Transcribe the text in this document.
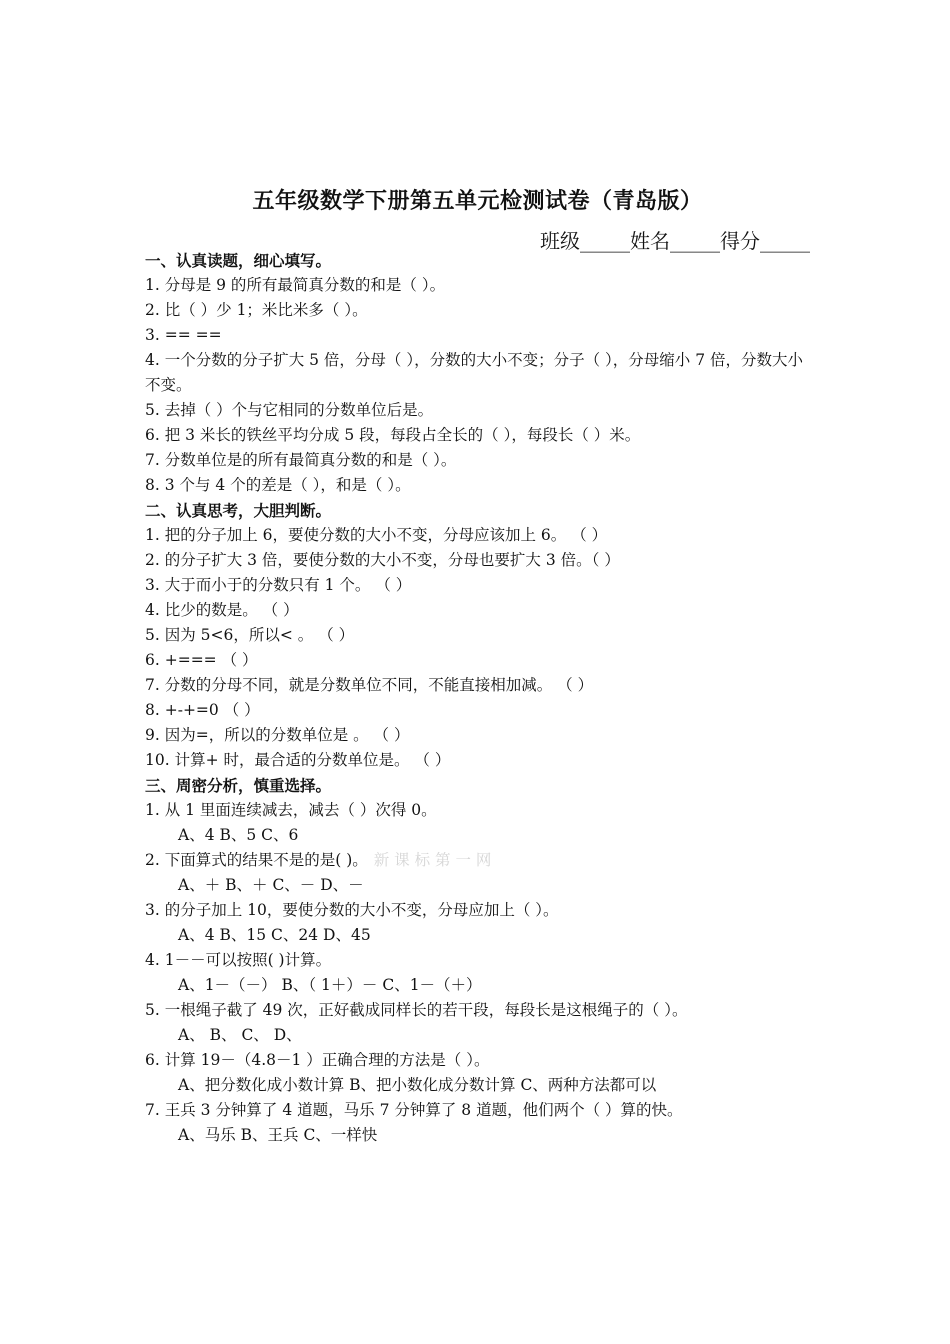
五年级数学下册第五单元检测试卷（青岛版）
班级_____姓名_____得分_____
一、认真读题，细心填写。
1. 分母是 9 的所有最简真分数的和是（ ）。
2. 比（ ）少 1；米比米多（ ）。
3. == ==
4. 一个分数的分子扩大 5 倍，分母（ ），分数的大小不变；分子（ ），分母缩小 7 倍，分数大小不变。
5. 去掉（ ）个与它相同的分数单位后是。
6. 把 3 米长的铁丝平均分成 5 段，每段占全长的（ ），每段长（ ）米。
7. 分数单位是的所有最简真分数的和是（ ）。
8. 3 个与 4 个的差是（ ），和是（ ）。
二、认真思考，大胆判断。
1. 把的分子加上 6，要使分数的大小不变，分母应该加上 6。 （ ）
2. 的分子扩大 3 倍，要使分数的大小不变，分母也要扩大 3 倍。（ ）
3. 大于而小于的分数只有 1 个。 （ ）
4. 比少的数是。 （ ）
5. 因为 5<6，所以< 。 （ ）
6. +=== （ ）
7. 分数的分母不同，就是分数单位不同，不能直接相加减。 （ ）
8. +-+=0 （ ）
9. 因为=，所以的分数单位是 。 （ ）
10. 计算+ 时，最合适的分数单位是。 （ ）
三、周密分析，慎重选择。
1. 从 1 里面连续减去，减去（ ）次得 0。
A、4 B、5 C、6
2. 下面算式的结果不是的是( )。 新 课 标 第 一 网
A、＋ B、＋ C、－ D、－
3. 的分子加上 10，要使分数的大小不变，分母应加上（ ）。
A、4 B、15 C、24 D、45
4. 1－－可以按照( )计算。
A、1－（－） B、（ 1＋）－ C、1－（＋）
5. 一根绳子截了 49 次，正好截成同样长的若干段，每段长是这根绳子的（ ）。
A、 B、 C、 D、
6. 计算 19－（4.8－1 ）正确合理的方法是（ ）。
A、把分数化成小数计算 B、把小数化成分数计算 C、两种方法都可以
7. 王兵 3 分钟算了 4 道题，马乐 7 分钟算了 8 道题，他们两个（ ）算的快。
A、马乐 B、王兵 C、一样快
